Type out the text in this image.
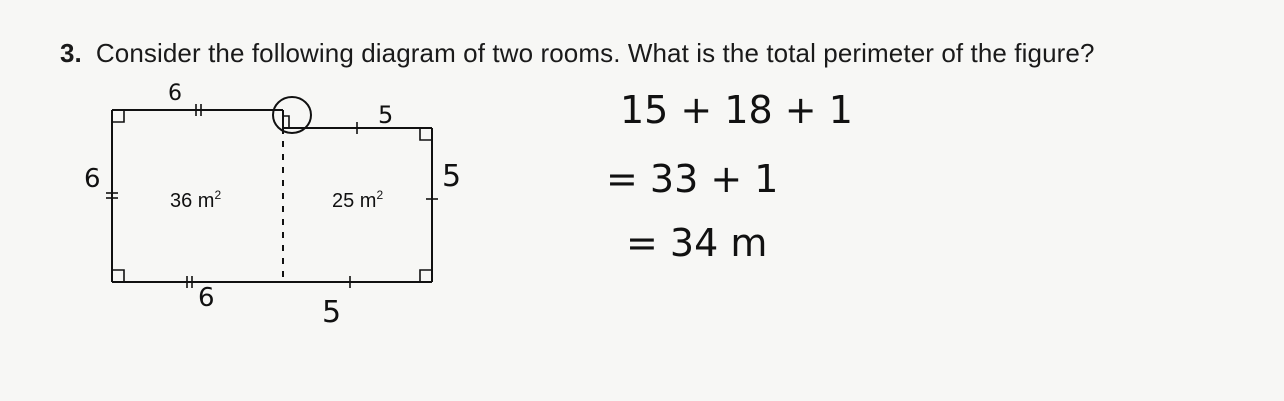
3. Consider the following diagram of two rooms. What is the total perimeter of the figure?
36 $m^2$	25 $m^2$
6
6
6
5
5
5
15 + 18 + 1
= 33 + 1
= 34 m
